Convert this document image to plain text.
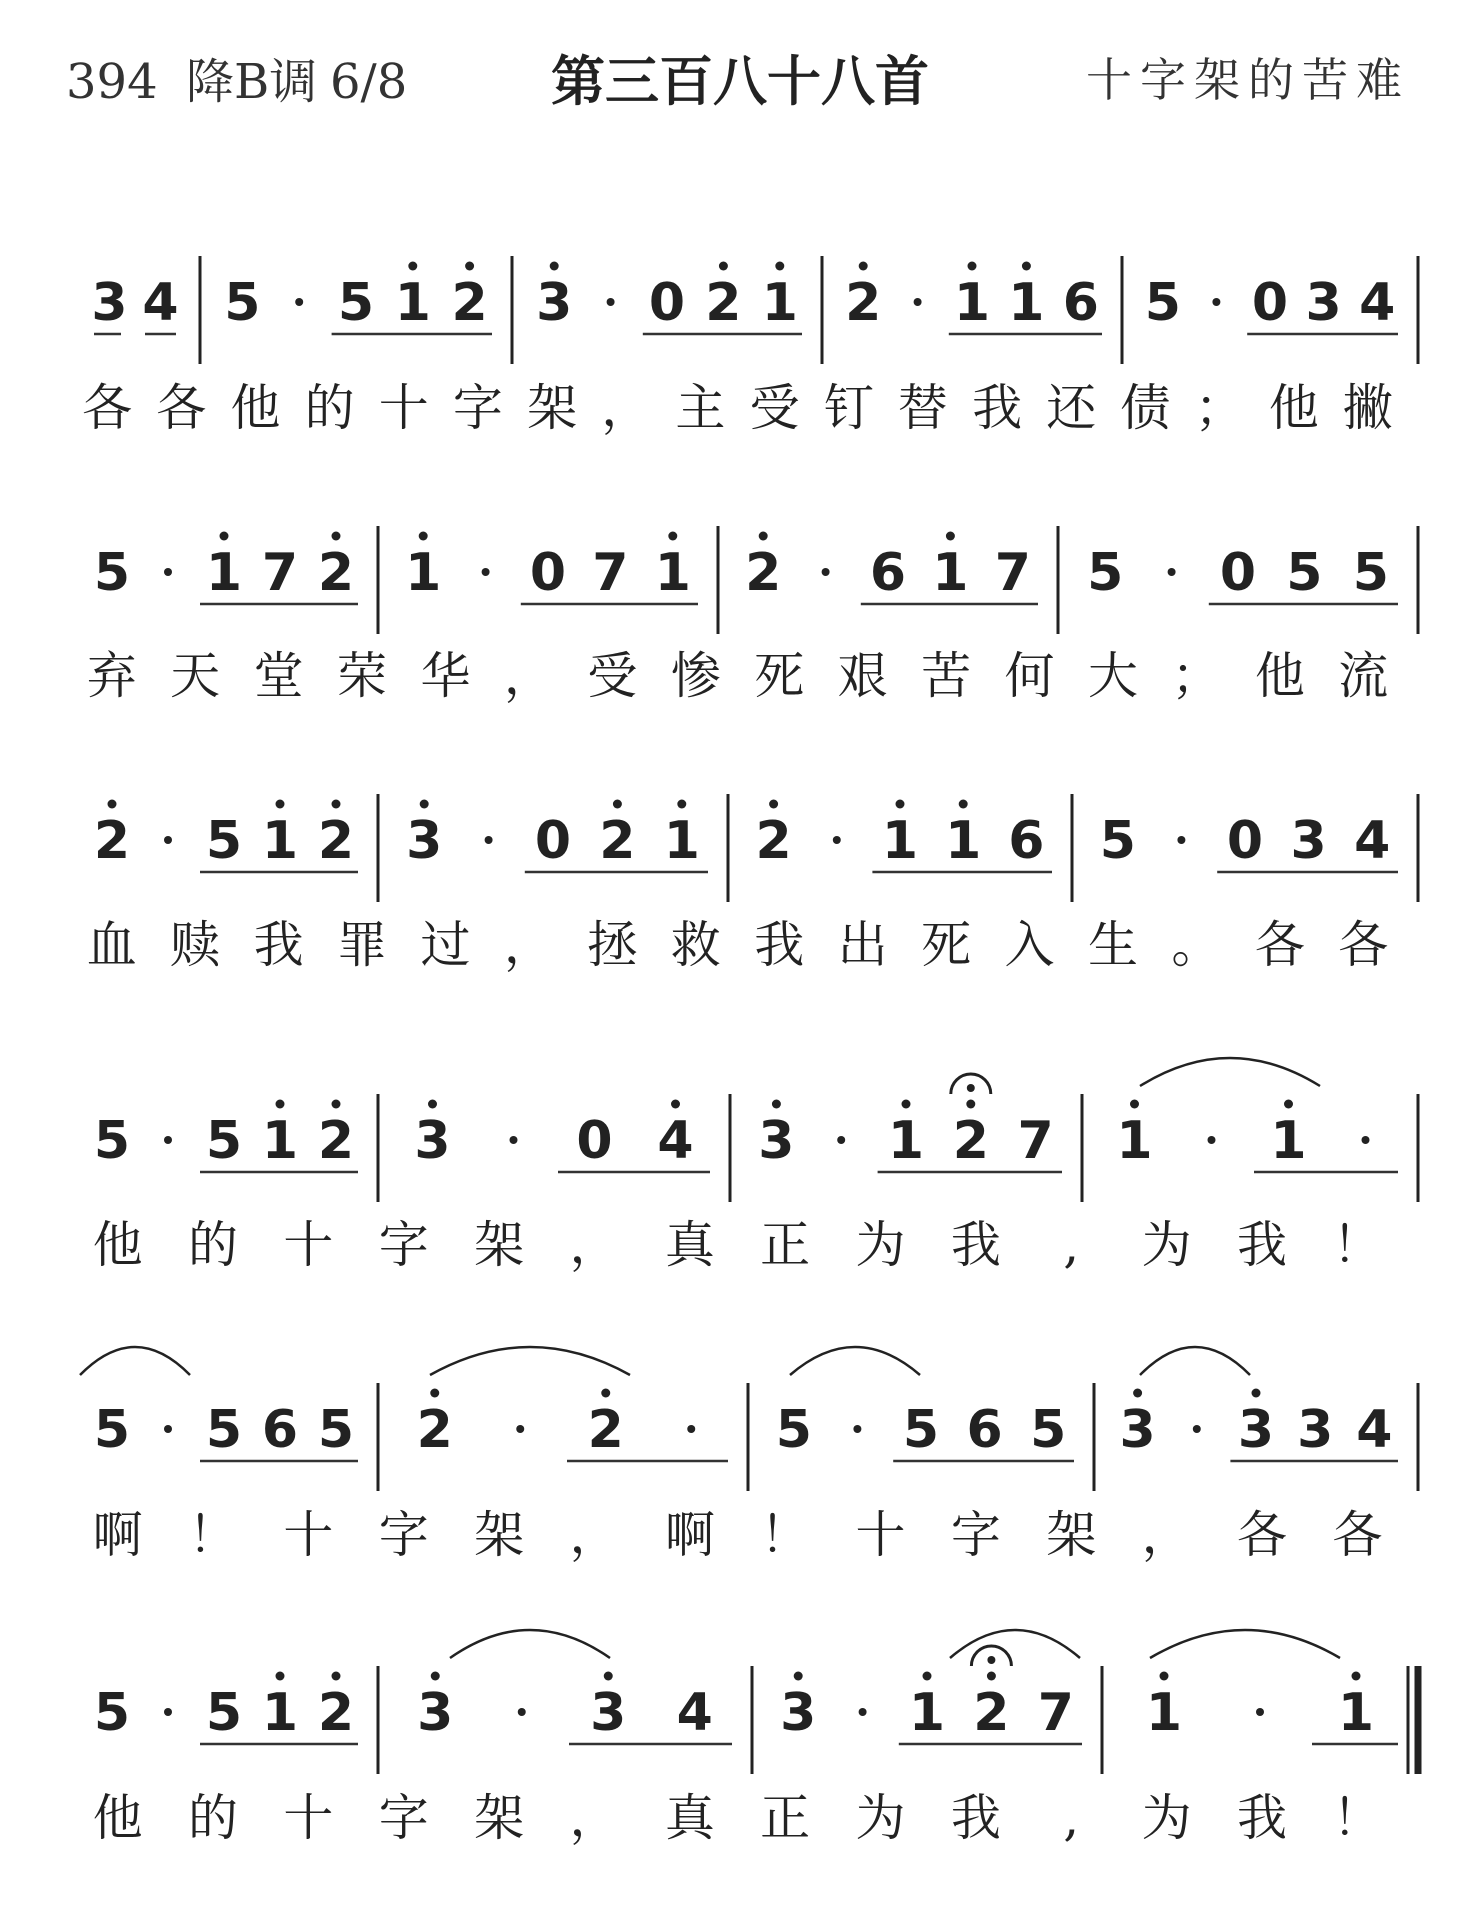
394 降B调 6/8	第三百八十八首	十字架的苦难
3 4 5 5 1 2 3 0 2 1 2 1 1 6 5 0 3 4
各 各 他 的 十 字 架 ， 主 受 钉 替 我 还 债 ； 他 撇
5 1 7 2 1 0 7 1 2 6 1 7 5 0 5 5
弃 天 堂 荣 华 ， 受 惨 死 艰 苦 何 大 ； 他 流
2 5 1 2 3 0 2 1 2 1 1 6 5 0 3 4
血 赎 我 罪 过 ， 拯 救 我 出 死 入 生 。 各 各
5 5 1 2 3 0 4 3 1 2 7 1 1
他 的 十 字 架 ， 真 正 为 我 , 为 我 ！
5 5 6 5 2	2	5 5 6 5 3 3 3 4
啊 ！ 十 字 架 ， 啊 ！ 十 字 架 ， 各 各
5 5 1 2 3	3 4 3 1 2 7 1	1
他 的 十 字 架 ， 真 正 为 我 , 为 我 ！
